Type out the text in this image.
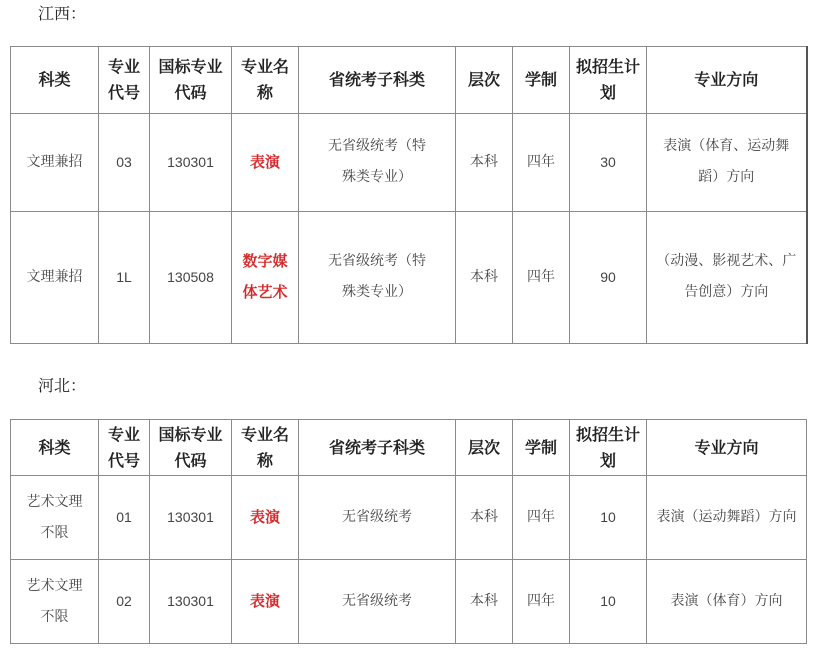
江西：
科类	专业代号	国标专业代码	专业名称	省统考子科类	层次	学制	拟招生计划	专业方向
文理兼招	03	130301	表演	无省级统考（特殊类专业）	本科	四年	30	表演（体育、运动舞蹈）方向
文理兼招	1L	130508	数字媒体艺术	无省级统考（特殊类专业）	本科	四年	90	（动漫、影视艺术、广告创意）方向
河北：
科类	专业代号	国标专业代码	专业名称	省统考子科类	层次	学制	拟招生计划	专业方向
艺术文理不限	01	130301	表演	无省级统考	本科	四年	10	表演（运动舞蹈）方向
艺术文理不限	02	130301	表演	无省级统考	本科	四年	10	表演（体育）方向
